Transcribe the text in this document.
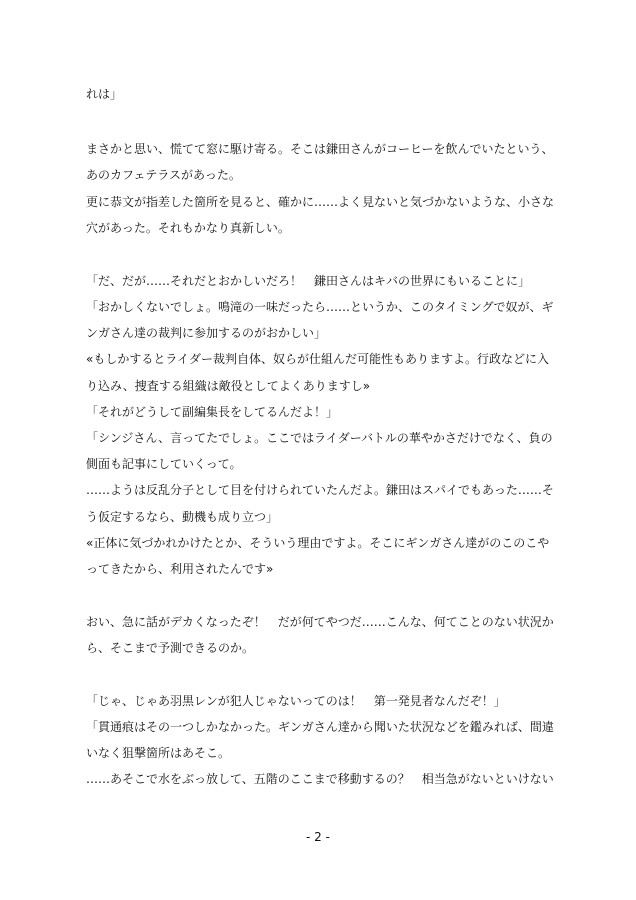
れは」
まさかと思い、慌てて窓に駆け寄る。そこは鎌田さんがコーヒーを飲んでいたという、
あのカフェテラスがあった。
更に恭文が指差した箇所を見ると、確かに……よく見ないと気づかないような、小さな
穴があった。それもかなり真新しい。
「だ、だが……それだとおかしいだろ！　鎌田さんはキバの世界にもいることに」
「おかしくないでしょ。鳴滝の一味だったら……というか、このタイミングで奴が、ギ
ンガさん達の裁判に参加するのがおかしい」
«もしかするとライダー裁判自体、奴らが仕組んだ可能性もありますよ。行政などに入
り込み、捜査する組織は敵役としてよくありますし»
「それがどうして副編集長をしてるんだよ！」
「シンジさん、言ってたでしょ。ここではライダーバトルの華やかさだけでなく、負の
側面も記事にしていくって。
……ようは反乱分子として目を付けられていたんだよ。鎌田はスパイでもあった……そ
う仮定するなら、動機も成り立つ」
«正体に気づかれかけたとか、そういう理由ですよ。そこにギンガさん達がのこのこや
ってきたから、利用されたんです»
おい、急に話がデカくなったぞ！　だが何てやつだ……こんな、何てことのない状況か
ら、そこまで予測できるのか。
「じゃ、じゃあ羽黒レンが犯人じゃないってのは！　第一発見者なんだぞ！」
「貫通痕はその一つしかなかった。ギンガさん達から聞いた状況などを鑑みれば、間違
いなく狙撃箇所はあそこ。
……あそこで水をぶっ放して、五階のここまで移動するの？　相当急がないといけない
- 2 -
